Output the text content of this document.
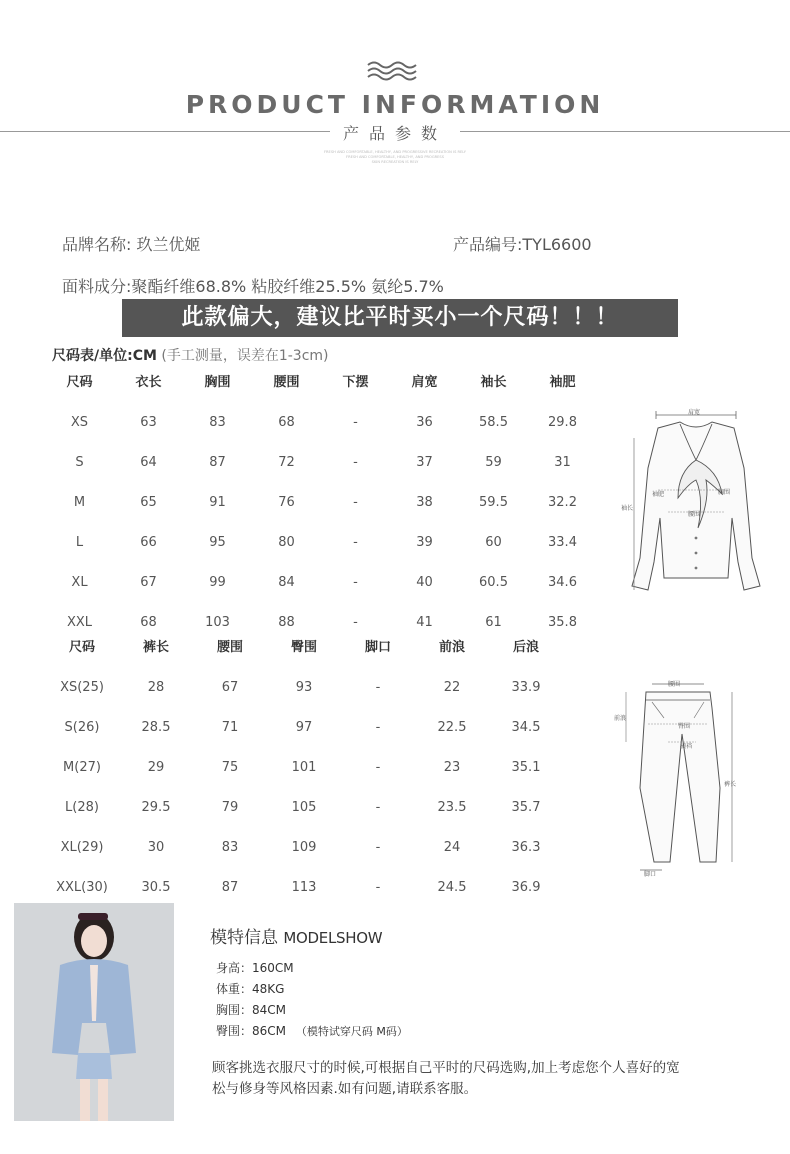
PRODUCT INFORMATION
产品参数
FRESH AND COMFORTABLE, HEALTHY, AND PROGRESSIVE RECREATION IS RELY
FRESH AND COMFORTABLE, HEALTHY, AND PROGRESS
SKIN RECREATION IS RELY
品牌名称: 玖兰优姬	产品编号:TYL6600
面料成分:聚酯纤维68.8% 粘胶纤维25.5% 氨纶5.7%
此款偏大，建议比平时买小一个尺码！！！
尺码表/单位:CM (手工测量，误差在1-3cm)
尺码	衣长	胸围	腰围	下摆	肩宽	袖长	袖肥
XS	63	83	68	-	36	58.5	29.8
S	64	87	72	-	37	59	31
M	65	91	76	-	38	59.5	32.2
L	66	95	80	-	39	60	33.4
XL	67	99	84	-	40	60.5	34.6
XXL	68	103	88	-	41	61	35.8
尺码	裤长	腰围	臀围	脚口	前浪	后浪
XS(25)	28	67	93	-	22	33.9
S(26)	28.5	71	97	-	22.5	34.5
M(27)	29	75	101	-	23	35.1
L(28)	29.5	79	105	-	23.5	35.7
XL(29)	30	83	109	-	24	36.3
XXL(30)	30.5	87	113	-	24.5	36.9
肩宽
胸围
袖肥
腰围
袖长
腰围
前浪
臀围
横裆
裤长
脚口
模特信息 MODELSHOW
身高：160CM
体重：48KG
胸围：84CM
臀围：86CM （模特试穿尺码 M码）
顾客挑选衣服尺寸的时候,可根据自己平时的尺码选购,加上考虑您个人喜好的宽松与修身等风格因素.如有问题,请联系客服。
